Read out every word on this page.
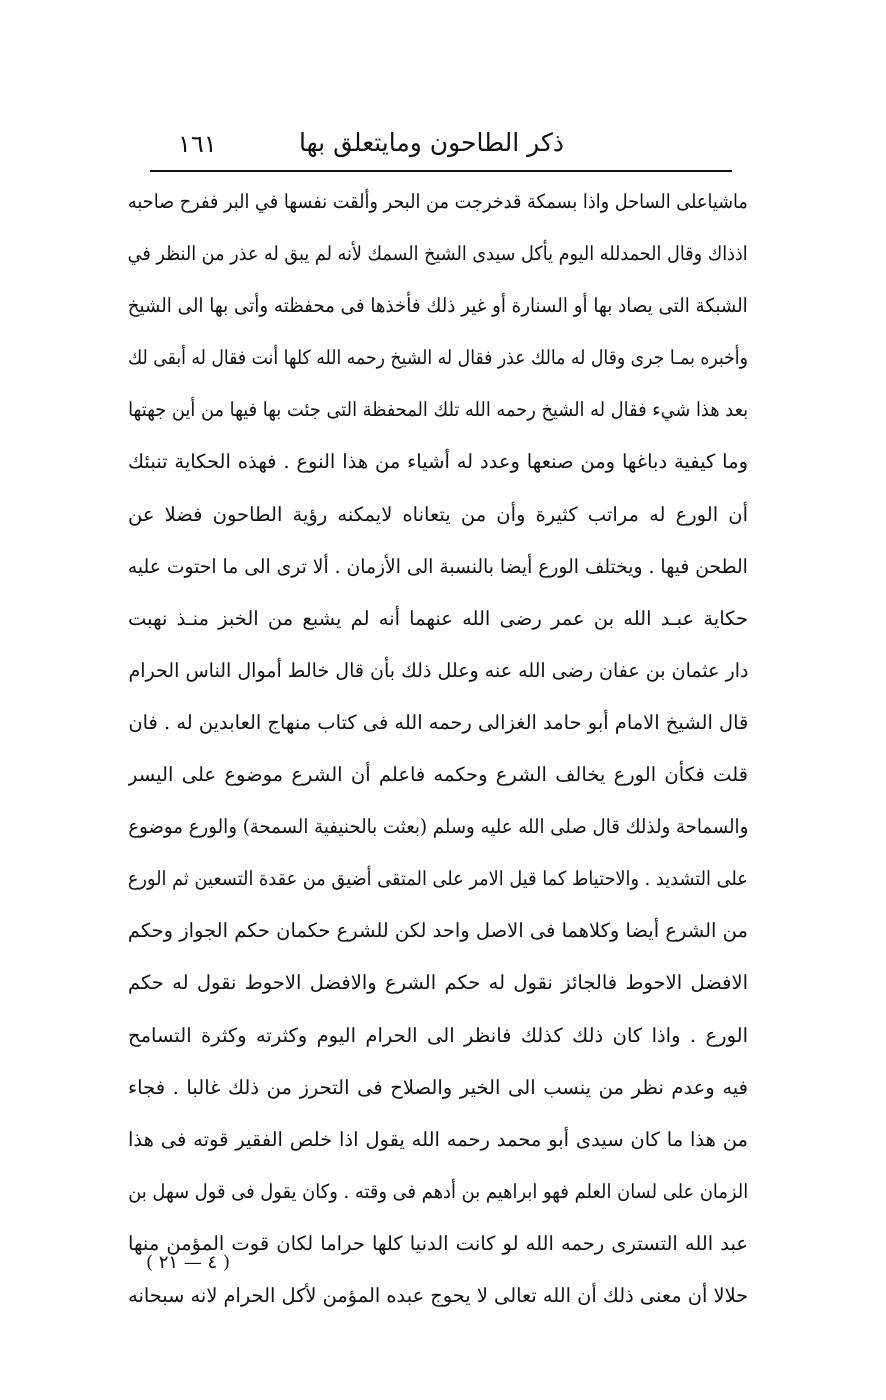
ذكر الطاحون ومايتعلق بها
١٦١
ماشياعلى الساحل واذا بسمكة قدخرجت من البحر وألقت نفسها في البر ففرح صاحبه
اذذاك وقال الحمدلله اليوم يأكل سيدى الشيخ السمك لأنه لم يبق له عذر من النظر في
الشبكة التى يصاد بها أو السنارة أو غير ذلك فأخذها فى محفظته وأتى بها الى الشيخ
وأخبره بمـا جرى وقال له مالك عذر فقال له الشيخ رحمه الله كلها أنت فقال له أبقى لك
بعد هذا شيء فقال له الشيخ رحمه الله تلك المحفظة التى جئت بها فيها من أين جهتها
وما كيفية دباغها ومن صنعها وعدد له أشياء من هذا النوع . فهذه الحكاية تنبئك
أن الورع له مراتب كثيرة وأن من يتعاناه لايمكنه رؤية الطاحون فضلا عن
الطحن فيها . ويختلف الورع أيضا بالنسبة الى الأزمان . ألا ترى الى ما احتوت عليه
حكاية عبـد الله بن عمر رضى الله عنهما أنه لم يشبع من الخبز منـذ نهبت
دار عثمان بن عفان رضى الله عنه وعلل ذلك بأن قال خالط أموال الناس الحرام
قال الشيخ الامام أبو حامد الغزالى رحمه الله فى كتاب منهاج العابدين له . فان
قلت فكأن الورع يخالف الشرع وحكمه فاعلم أن الشرع موضوع على اليسر
والسماحة ولذلك قال صلى الله عليه وسلم (بعثت بالحنيفية السمحة) والورع موضوع
على التشديد . والاحتياط كما قيل الامر على المتقى أضيق من عقدة التسعين ثم الورع
من الشرع أيضا وكلاهما فى الاصل واحد لكن للشرع حكمان حكم الجواز وحكم
الافضل الاحوط فالجائز نقول له حكم الشرع والافضل الاحوط نقول له حكم
الورع . واذا كان ذلك كذلك فانظر الى الحرام اليوم وكثرته وكثرة التسامح
فيه وعدم نظر من ينسب الى الخير والصلاح فى التحرز من ذلك غالبا . فجاء
من هذا ما كان سيدى أبو محمد رحمه الله يقول اذا خلص الفقير قوته فى هذا
الزمان على لسان العلم فهو ابراهيم بن أدهم فى وقته . وكان يقول فى قول سهل بن
عبد الله التسترى رحمه الله لو كانت الدنيا كلها حراما لكان قوت المؤمن منها
حلالا أن معنى ذلك أن الله تعالى لا يحوج عبده المؤمن لأكل الحرام لانه سبحانه
( ٤ — ٢١ )
